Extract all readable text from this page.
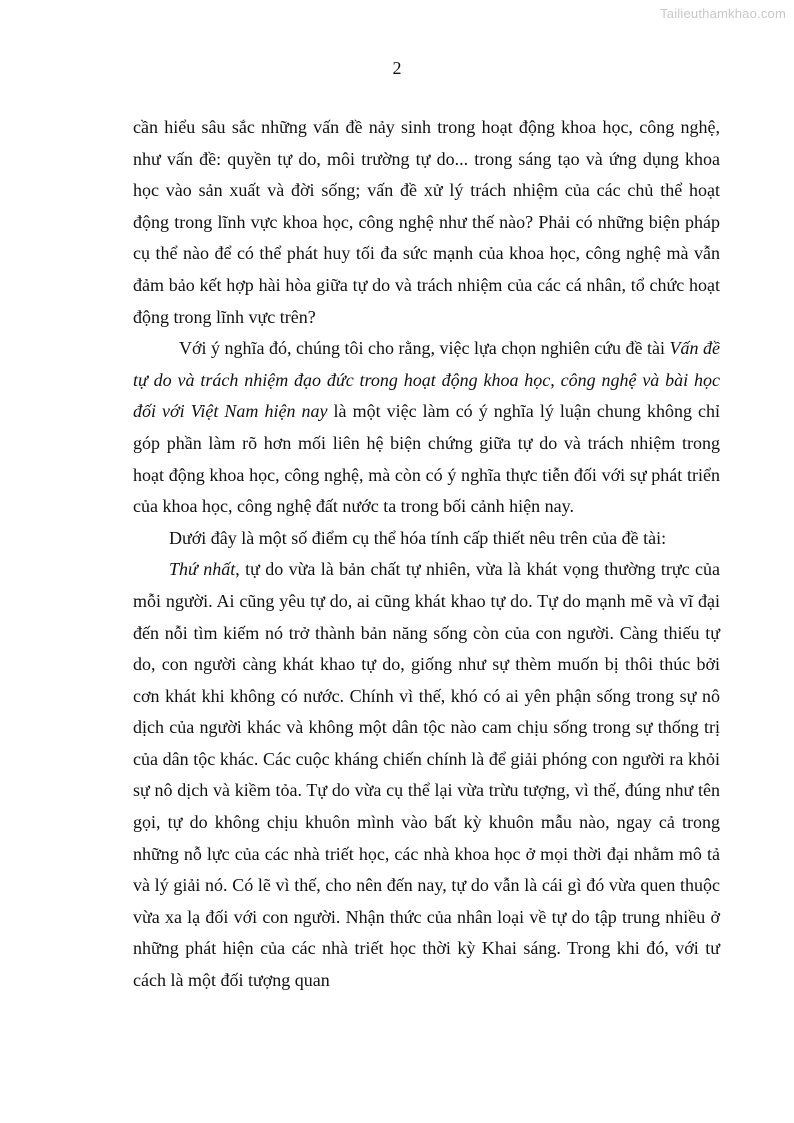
Tailieuthamkhao.com
2

cần hiểu sâu sắc những vấn đề nảy sinh trong hoạt động khoa học, công nghệ, như vấn đề: quyền tự do, môi trường tự do... trong sáng tạo và ứng dụng khoa học vào sản xuất và đời sống; vấn đề xử lý trách nhiệm của các chủ thể hoạt động trong lĩnh vực khoa học, công nghệ như thế nào? Phải có những biện pháp cụ thể nào để có thể phát huy tối đa sức mạnh của khoa học, công nghệ mà vẫn đảm bảo kết hợp hài hòa giữa tự do và trách nhiệm của các cá nhân, tổ chức hoạt động trong lĩnh vực trên?

Với ý nghĩa đó, chúng tôi cho rằng, việc lựa chọn nghiên cứu đề tài Vấn đề tự do và trách nhiệm đạo đức trong hoạt động khoa học, công nghệ và bài học đối với Việt Nam hiện nay là một việc làm có ý nghĩa lý luận chung không chỉ góp phần làm rõ hơn mối liên hệ biện chứng giữa tự do và trách nhiệm trong hoạt động khoa học, công nghệ, mà còn có ý nghĩa thực tiễn đối với sự phát triển của khoa học, công nghệ đất nước ta trong bối cảnh hiện nay.

Dưới đây là một số điểm cụ thể hóa tính cấp thiết nêu trên của đề tài:

Thứ nhất, tự do vừa là bản chất tự nhiên, vừa là khát vọng thường trực của mỗi người. Ai cũng yêu tự do, ai cũng khát khao tự do. Tự do mạnh mẽ và vĩ đại đến nỗi tìm kiếm nó trở thành bản năng sống còn của con người. Càng thiếu tự do, con người càng khát khao tự do, giống như sự thèm muốn bị thôi thúc bởi cơn khát khi không có nước. Chính vì thế, khó có ai yên phận sống trong sự nô dịch của người khác và không một dân tộc nào cam chịu sống trong sự thống trị của dân tộc khác. Các cuộc kháng chiến chính là để giải phóng con người ra khỏi sự nô dịch và kiềm tỏa. Tự do vừa cụ thể lại vừa trừu tượng, vì thế, đúng như tên gọi, tự do không chịu khuôn mình vào bất kỳ khuôn mẫu nào, ngay cả trong những nỗ lực của các nhà triết học, các nhà khoa học ở mọi thời đại nhằm mô tả và lý giải nó. Có lẽ vì thế, cho nên đến nay, tự do vẫn là cái gì đó vừa quen thuộc vừa xa lạ đối với con người. Nhận thức của nhân loại về tự do tập trung nhiều ở những phát hiện của các nhà triết học thời kỳ Khai sáng. Trong khi đó, với tư cách là một đối tượng quan
